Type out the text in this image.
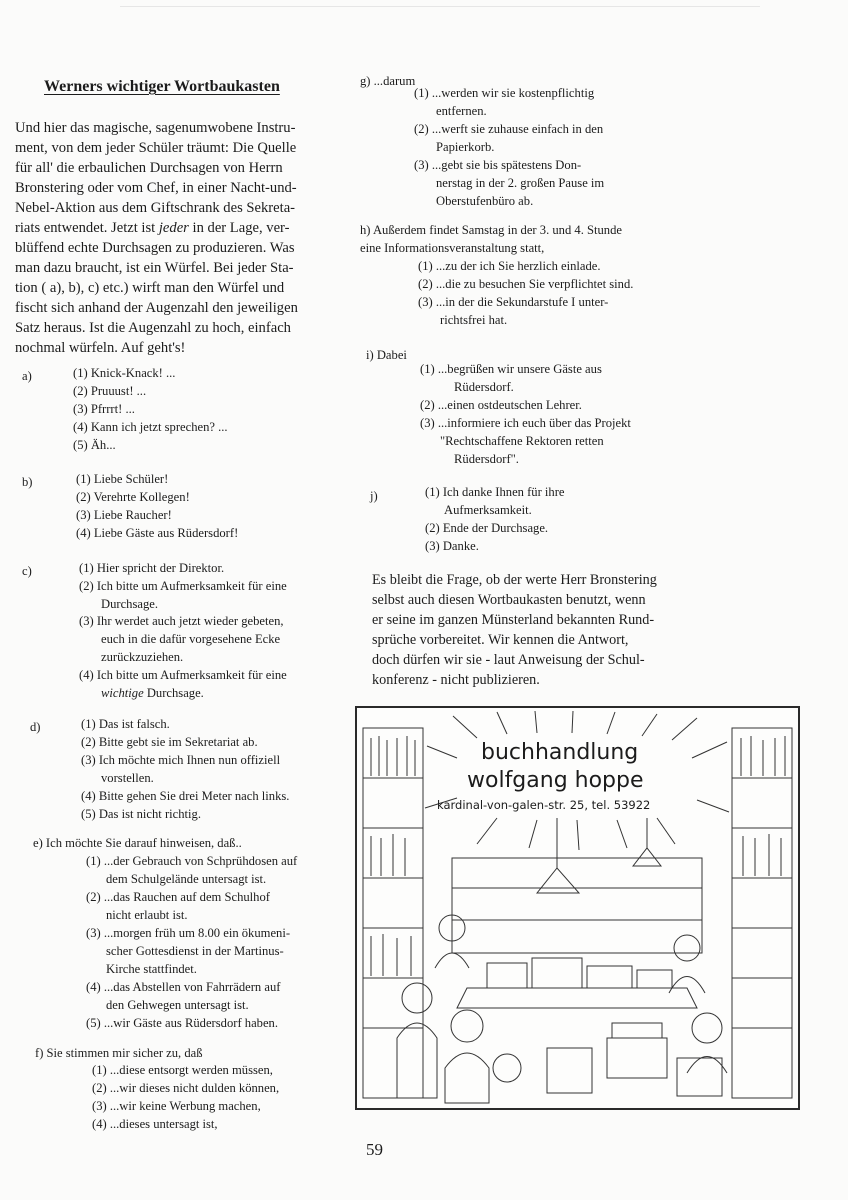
Werners wichtiger Wortbaukasten
Und hier das magische, sagenumwobene Instru-
ment, von dem jeder Schüler träumt: Die Quelle
für all' die erbaulichen Durchsagen von Herrn
Bronstering oder vom Chef, in einer Nacht-und-
Nebel-Aktion aus dem Giftschrank des Sekreta-
riats entwendet. Jetzt ist jeder in der Lage, ver-
blüffend echte Durchsagen zu produzieren. Was
man dazu braucht, ist ein Würfel. Bei jeder Sta-
tion ( a), b), c) etc.) wirft man den Würfel und
fischt sich anhand der Augenzahl den jeweiligen
Satz heraus. Ist die Augenzahl zu hoch, einfach
nochmal würfeln. Auf geht's!
a)	(1) Knick-Knack! ...
(2) Pruuust! ...
(3) Pfrrrt! ...
(4) Kann ich jetzt sprechen? ...
(5) Äh...
b)	(1) Liebe Schüler!
(2) Verehrte Kollegen!
(3) Liebe Raucher!
(4) Liebe Gäste aus Rüdersdorf!
c)	(1) Hier spricht der Direktor.
(2) Ich bitte um Aufmerksamkeit für eine
Durchsage.
(3) Ihr werdet auch jetzt wieder gebeten,
euch in die dafür vorgesehene Ecke
zurückzuziehen.
(4) Ich bitte um Aufmerksamkeit für eine
wichtige Durchsage.
d)	(1) Das ist falsch.
(2) Bitte gebt sie im Sekretariat ab.
(3) Ich möchte mich Ihnen nun offiziell
vorstellen.
(4) Bitte gehen Sie drei Meter nach links.
(5) Das ist nicht richtig.
e) Ich möchte Sie darauf hinweisen, daß..
(1) ...der Gebrauch von Schprühdosen auf
dem Schulgelände untersagt ist.
(2) ...das Rauchen auf dem Schulhof
nicht erlaubt ist.
(3) ...morgen früh um 8.00 ein ökumeni-
scher Gottesdienst in der Martinus-
Kirche stattfindet.
(4) ...das Abstellen von Fahrrädern auf
den Gehwegen untersagt ist.
(5) ...wir Gäste aus Rüdersdorf haben.
f) Sie stimmen mir sicher zu, daß
(1) ...diese entsorgt werden müssen,
(2) ...wir dieses nicht dulden können,
(3) ...wir keine Werbung machen,
(4) ...dieses untersagt ist,
g) ...darum
(1) ...werden wir sie kostenpflichtig
entfernen.
(2) ...werft sie zuhause einfach in den
Papierkorb.
(3) ...gebt sie bis spätestens Don-
nerstag in der 2. großen Pause im
Oberstufenbüro ab.
h) Außerdem findet Samstag in der 3. und 4. Stunde
eine Informationsveranstaltung statt,
(1) ...zu der ich Sie herzlich einlade.
(2) ...die zu besuchen Sie verpflichtet sind.
(3) ...in der die Sekundarstufe I unter-
richtsfrei hat.
i) Dabei
(1) ...begrüßen wir unsere Gäste aus
Rüdersdorf.
(2) ...einen ostdeutschen Lehrer.
(3) ...informiere ich euch über das Projekt
"Rechtschaffene Rektoren retten
Rüdersdorf".
j)	(1) Ich danke Ihnen für ihre
Aufmerksamkeit.
(2) Ende der Durchsage.
(3) Danke.
Es bleibt die Frage, ob der werte Herr Bronstering
selbst auch diesen Wortbaukasten benutzt, wenn
er seine im ganzen Münsterland bekannten Rund-
sprüche vorbereitet. Wir kennen die Antwort,
doch dürfen wir sie - laut Anweisung der Schul-
konferenz - nicht publizieren.
buchhandlung
wolfgang hoppe
kardinal-von-galen-str. 25, tel. 53922
59
